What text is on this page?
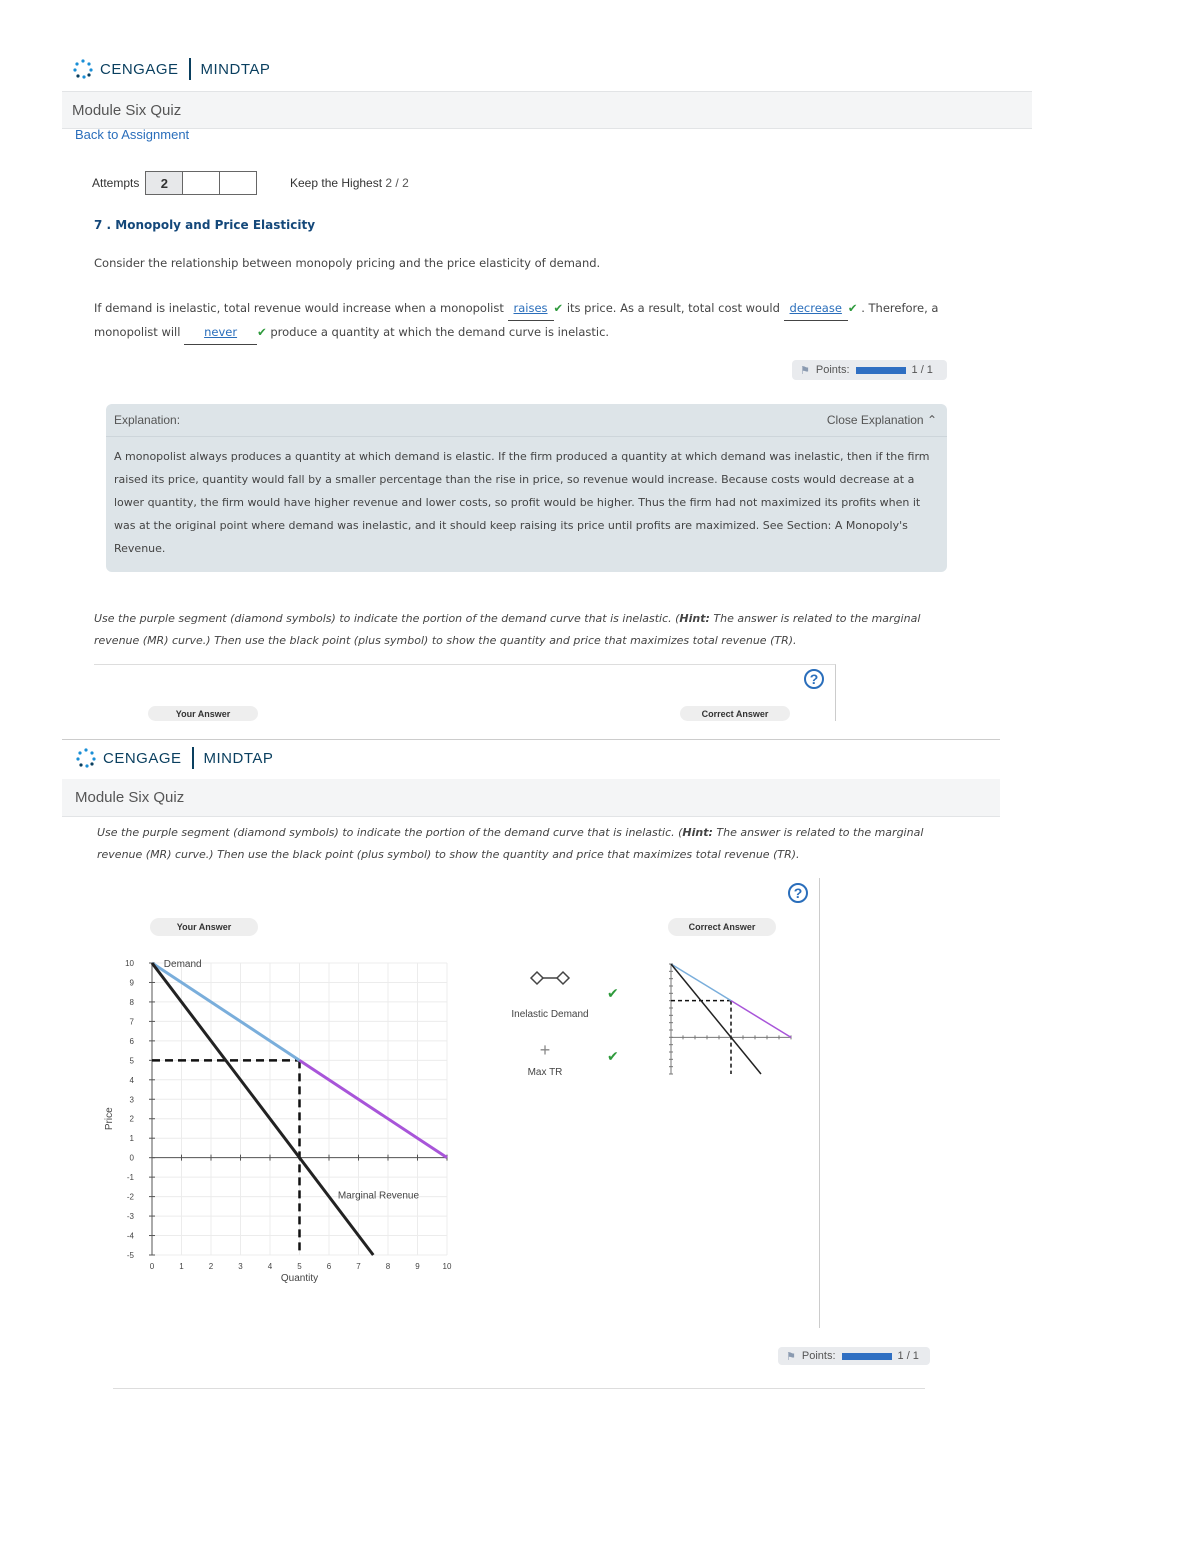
CENGAGE MINDTAP
Module Six Quiz
Back to Assignment
Attempts	2	Keep the Highest 2 / 2
7 . Monopoly and Price Elasticity
Consider the relationship between monopoly pricing and the price elasticity of demand.
If demand is inelastic, total revenue would increase when a monopolist raises ✔ its price. As a result, total cost would decrease ✔ . Therefore, a
monopolist will never ✔ produce a quantity at which the demand curve is inelastic.
⚑ Points:	1 / 1
Explanation:	Close Explanation ⌃
A monopolist always produces a quantity at which demand is elastic. If the firm produced a quantity at which demand was inelastic, then if the firm raised its price, quantity would fall by a smaller percentage than the rise in price, so revenue would increase. Because costs would decrease at a lower quantity, the firm would have higher revenue and lower costs, so profit would be higher. Thus the firm had not maximized its profits when it was at the original point where demand was inelastic, and it should keep raising its price until profits are maximized. See Section: A Monopoly's Revenue.
Use the purple segment (diamond symbols) to indicate the portion of the demand curve that is inelastic. (Hint: The answer is related to the marginal revenue (MR) curve.) Then use the black point (plus symbol) to show the quantity and price that maximizes total revenue (TR).
?
Your Answer	Correct Answer
CENGAGE MINDTAP
Module Six Quiz
Use the purple segment (diamond symbols) to indicate the portion of the demand curve that is inelastic. (Hint: The answer is related to the marginal revenue (MR) curve.) Then use the black point (plus symbol) to show the quantity and price that maximizes total revenue (TR).
?
Your Answer	Correct Answer
0	1	2	3	4	5	6	7	8	9	10
10
9
8
7
6
5
4
3
2
1
0
-1
-2
-3
-4
-5
Quantity
Price
Demand
Marginal Revenue
Inelastic Demand
✔
+
Max TR
✔
⚑ Points:	1 / 1
